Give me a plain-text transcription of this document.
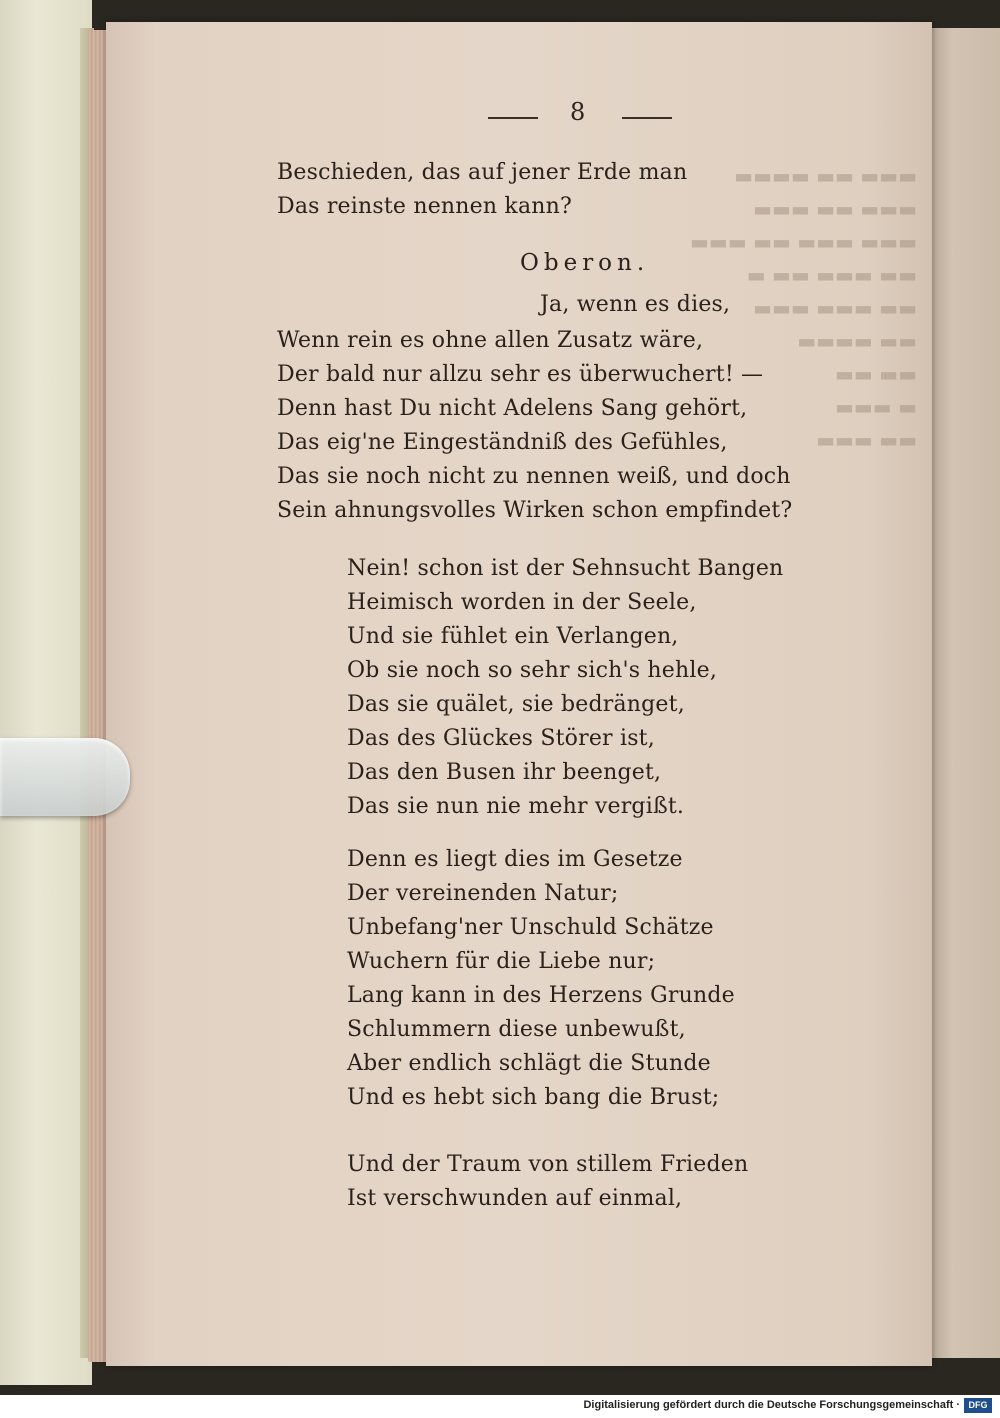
▬▬▬ ▬▬ ▬▬▬▬
▬▬▬ ▬▬ ▬▬▬
▬▬▬ ▬▬▬ ▬▬ ▬▬▬
▬▬ ▬▬▬ ▬▬ ▬
▬▬ ▬▬▬ ▬▬▬
▬▬ ▬▬▬▬
▬▬ ▬▬
▬ ▬▬▬
▬▬ ▬▬▬
8
Beschieden, das auf jener Erde man
Das reinste nennen kann?
Oberon.
Ja, wenn es dies,
Wenn rein es ohne allen Zusatz wäre,
Der bald nur allzu sehr es überwuchert! —
Denn hast Du nicht Adelens Sang gehört,
Das eig'ne Eingeständniß des Gefühles,
Das sie noch nicht zu nennen weiß, und doch
Sein ahnungsvolles Wirken schon empfindet?
Nein! schon ist der Sehnsucht Bangen
Heimisch worden in der Seele,
Und sie fühlet ein Verlangen,
Ob sie noch so sehr sich's hehle,
Das sie quälet, sie bedränget,
Das des Glückes Störer ist,
Das den Busen ihr beenget,
Das sie nun nie mehr vergißt.
Denn es liegt dies im Gesetze
Der vereinenden Natur;
Unbefang'ner Unschuld Schätze
Wuchern für die Liebe nur;
Lang kann in des Herzens Grunde
Schlummern diese unbewußt,
Aber endlich schlägt die Stunde
Und es hebt sich bang die Brust;
Und der Traum von stillem Frieden
Ist verschwunden auf einmal,
Digitalisierung gefördert durch die Deutsche Forschungsgemeinschaft · DFG
